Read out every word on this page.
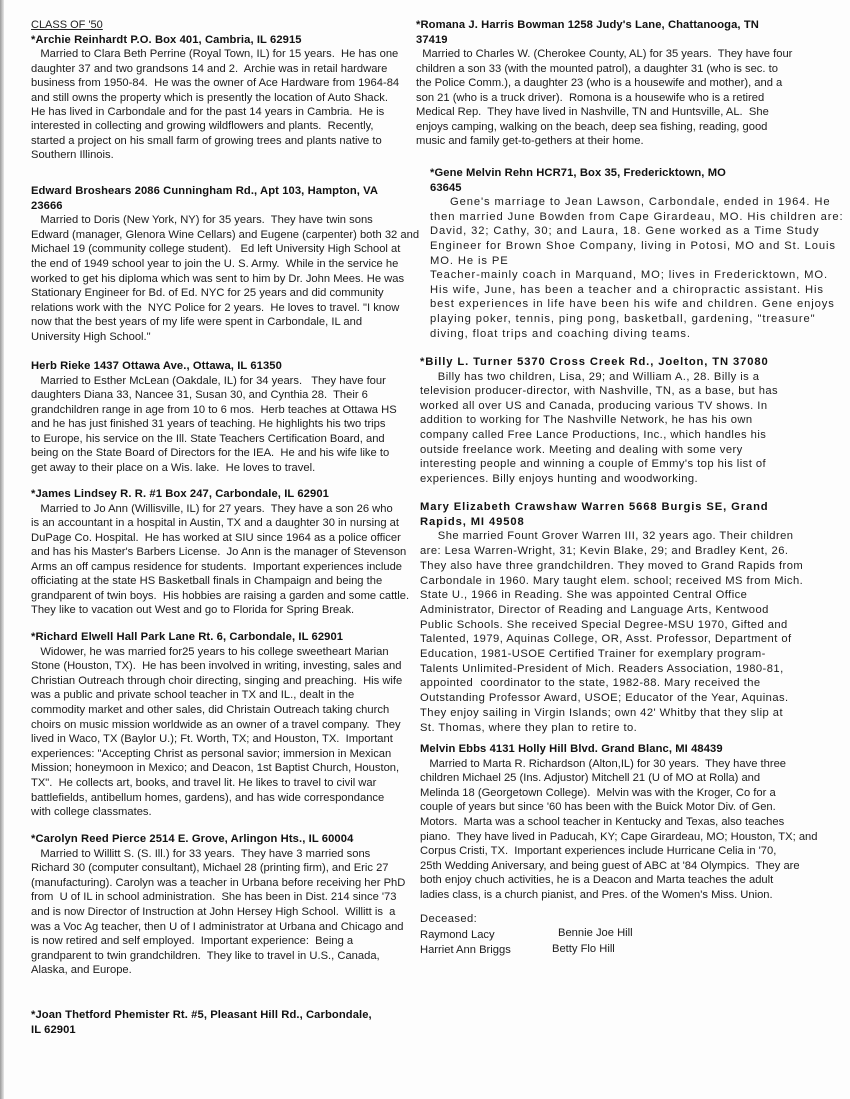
CLASS OF '50
*Archie Reinhardt P.O. Box 401, Cambria, IL 62915
Married to Clara Beth Perrine (Royal Town, IL) for 15 years.  He has one
daughter 37 and two grandsons 14 and 2.  Archie was in retail hardware
business from 1950-84.  He was the owner of Ace Hardware from 1964-84
and still owns the property which is presently the location of Auto Shack.
He has lived in Carbondale and for the past 14 years in Cambria.  He is
interested in collecting and growing wildflowers and plants.  Recently,
started a project on his small farm of growing trees and plants native to
Southern Illinois.
Edward Broshears 2086 Cunningham Rd., Apt 103, Hampton, VA
23666
Married to Doris (New York, NY) for 35 years.  They have twin sons
Edward (manager, Glenora Wine Cellars) and Eugene (carpenter) both 32 and
Michael 19 (community college student).   Ed left University High School at
the end of 1949 school year to join the U. S. Army.  While in the service he
worked to get his diploma which was sent to him by Dr. John Mees. He was
Stationary Engineer for Bd. of Ed. NYC for 25 years and did community
relations work with the  NYC Police for 2 years.  He loves to travel. "I know
now that the best years of my life were spent in Carbondale, IL and
University High School."
Herb Rieke 1437 Ottawa Ave., Ottawa, IL 61350
Married to Esther McLean (Oakdale, IL) for 34 years.   They have four
daughters Diana 33, Nancee 31, Susan 30, and Cynthia 28.  Their 6
grandchildren range in age from 10 to 6 mos.  Herb teaches at Ottawa HS
and he has just finished 31 years of teaching. He highlights his two trips
to Europe, his service on the Ill. State Teachers Certification Board, and
being on the State Board of Directors for the IEA.  He and his wife like to
get away to their place on a Wis. lake.  He loves to travel.
*James Lindsey R. R. #1 Box 247, Carbondale, IL 62901
Married to Jo Ann (Willisville, IL) for 27 years.  They have a son 26 who
is an accountant in a hospital in Austin, TX and a daughter 30 in nursing at
DuPage Co. Hospital.  He has worked at SIU since 1964 as a police officer
and has his Master's Barbers License.  Jo Ann is the manager of Stevenson
Arms an off campus residence for students.  Important experiences include
officiating at the state HS Basketball finals in Champaign and being the
grandparent of twin boys.  His hobbies are raising a garden and some cattle.
They like to vacation out West and go to Florida for Spring Break.
*Richard Elwell Hall Park Lane Rt. 6, Carbondale, IL 62901
Widower, he was married for25 years to his college sweetheart Marian
Stone (Houston, TX).  He has been involved in writing, investing, sales and
Christian Outreach through choir directing, singing and preaching.  His wife
was a public and private school teacher in TX and IL., dealt in the
commodity market and other sales, did Christain Outreach taking church
choirs on music mission worldwide as an owner of a travel company.  They
lived in Waco, TX (Baylor U.); Ft. Worth, TX; and Houston, TX.  Important
experiences: "Accepting Christ as personal savior; immersion in Mexican
Mission; honeymoon in Mexico; and Deacon, 1st Baptist Church, Houston,
TX".  He collects art, books, and travel lit. He likes to travel to civil war
battlefields, antibellum homes, gardens), and has wide correspondance
with college classmates.
*Carolyn Reed Pierce 2514 E. Grove, Arlingon Hts., IL 60004
Married to Willitt S. (S. Ill.) for 33 years.  They have 3 married sons
Richard 30 (computer consultant), Michael 28 (printing firm), and Eric 27
(manufacturing). Carolyn was a teacher in Urbana before receiving her PhD
from  U of IL in school administration.  She has been in Dist. 214 since '73
and is now Director of Instruction at John Hersey High School.  Willitt is  a
was a Voc Ag teacher, then U of I administrator at Urbana and Chicago and
is now retired and self employed.  Important experience:  Being a
grandparent to twin grandchildren.  They like to travel in U.S., Canada,
Alaska, and Europe.
*Joan Thetford Phemister Rt. #5, Pleasant Hill Rd., Carbondale,
IL 62901
*Romana J. Harris Bowman 1258 Judy's Lane, Chattanooga, TN
37419
Married to Charles W. (Cherokee County, AL) for 35 years.  They have four
children a son 33 (with the mounted patrol), a daughter 31 (who is sec. to
the Police Comm.), a daughter 23 (who is a housewife and mother), and a
son 21 (who is a truck driver).  Romona is a housewife who is a retired
Medical Rep.  They have lived in Nashville, TN and Huntsville, AL.  She
enjoys camping, walking on the beach, deep sea fishing, reading, good
music and family get-to-gethers at their home.
*Gene Melvin Rehn HCR71, Box 35, Fredericktown, MO
63645
Gene's marriage to Jean Lawson, Carbondale, ended in 1964. He
then married June Bowden from Cape Girardeau, MO. His children are:
David, 32; Cathy, 30; and Laura, 18. Gene worked as a Time Study
Engineer for Brown Shoe Company, living in Potosi, MO and St. Louis
MO. He is PE
Teacher-mainly coach in Marquand, MO; lives in Fredericktown, MO.
His wife, June, has been a teacher and a chiropractic assistant. His
best experiences in life have been his wife and children. Gene enjoys
playing poker, tennis, ping pong, basketball, gardening, "treasure"
diving, float trips and coaching diving teams.
*Billy L. Turner 5370 Cross Creek Rd., Joelton, TN 37080
Billy has two children, Lisa, 29; and William A., 28. Billy is a
television producer-director, with Nashville, TN, as a base, but has
worked all over US and Canada, producing various TV shows. In
addition to working for The Nashville Network, he has his own
company called Free Lance Productions, Inc., which handles his
outside freelance work. Meeting and dealing with some very
interesting people and winning a couple of Emmy's top his list of
experiences. Billy enjoys hunting and woodworking.
Mary Elizabeth Crawshaw Warren 5668 Burgis SE, Grand
Rapids, MI 49508
She married Fount Grover Warren III, 32 years ago. Their children
are: Lesa Warren-Wright, 31; Kevin Blake, 29; and Bradley Kent, 26.
They also have three grandchildren. They moved to Grand Rapids from
Carbondale in 1960. Mary taught elem. school; received MS from Mich.
State U., 1966 in Reading. She was appointed Central Office
Administrator, Director of Reading and Language Arts, Kentwood
Public Schools. She received Special Degree-MSU 1970, Gifted and
Talented, 1979, Aquinas College, OR, Asst. Professor, Department of
Education, 1981-USOE Certified Trainer for exemplary program-
Talents Unlimited-President of Mich. Readers Association, 1980-81,
appointed  coordinator to the state, 1982-88. Mary received the
Outstanding Professor Award, USOE; Educator of the Year, Aquinas.
They enjoy sailing in Virgin Islands; own 42' Whitby that they slip at
St. Thomas, where they plan to retire to.
Melvin Ebbs 4131 Holly Hill Blvd. Grand Blanc, MI 48439
Married to Marta R. Richardson (Alton,IL) for 30 years.  They have three
children Michael 25 (Ins. Adjustor) Mitchell 21 (U of MO at Rolla) and
Melinda 18 (Georgetown College).  Melvin was with the Kroger, Co for a
couple of years but since '60 has been with the Buick Motor Div. of Gen.
Motors.  Marta was a school teacher in Kentucky and Texas, also teaches
piano.  They have lived in Paducah, KY; Cape Girardeau, MO; Houston, TX; and
Corpus Cristi, TX.  Important experiences include Hurricane Celia in '70,
25th Wedding Aniversary, and being guest of ABC at '84 Olympics.  They are
both enjoy chuch activities, he is a Deacon and Marta teaches the adult
ladies class, is a church pianist, and Pres. of the Women's Miss. Union.
Deceased:
Raymond Lacy	Bennie Joe Hill
Harriet Ann Briggs	Betty Flo Hill
